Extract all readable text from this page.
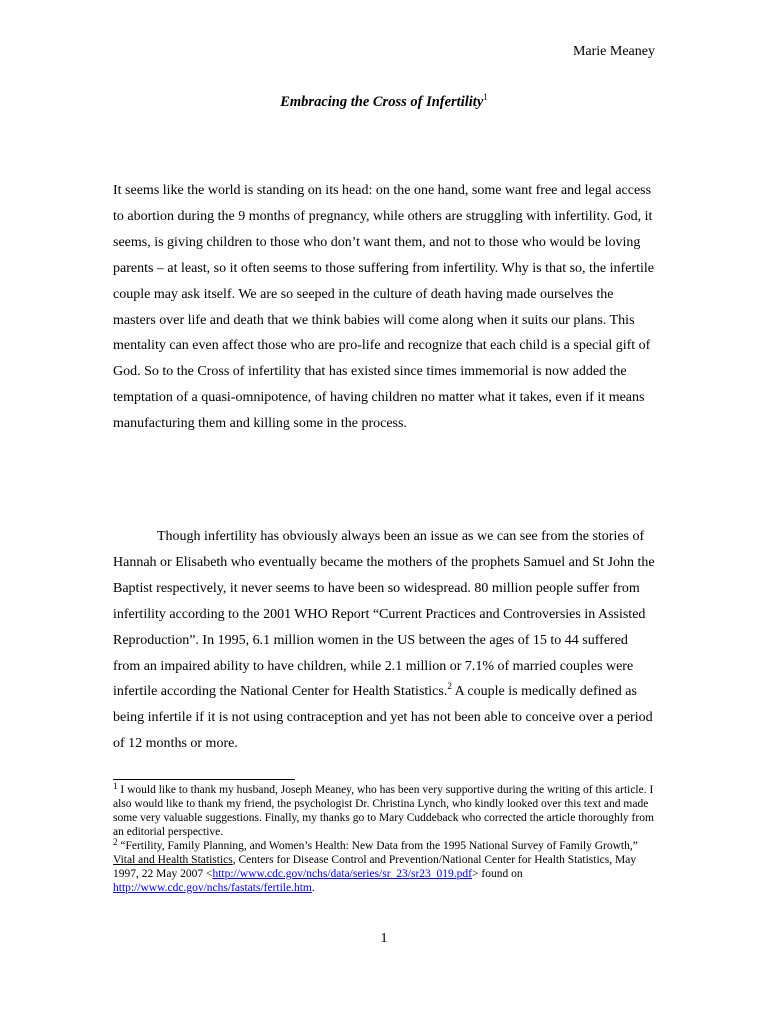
Marie Meaney
Embracing the Cross of Infertility$^1$

It seems like the world is standing on its head: on the one hand, some want free and legal access to abortion during the 9 months of pregnancy, while others are struggling with infertility. God, it seems, is giving children to those who don’t want them, and not to those who would be loving parents – at least, so it often seems to those suffering from infertility. Why is that so, the infertile couple may ask itself. We are so seeped in the culture of death having made ourselves the masters over life and death that we think babies will come along when it suits our plans. This mentality can even affect those who are pro-life and recognize that each child is a special gift of God. So to the Cross of infertility that has existed since times immemorial is now added the temptation of a quasi-omnipotence, of having children no matter what it takes, even if it means manufacturing them and killing some in the process.

Though infertility has obviously always been an issue as we can see from the stories of Hannah or Elisabeth who eventually became the mothers of the prophets Samuel and St John the Baptist respectively, it never seems to have been so widespread. 80 million people suffer from infertility according to the 2001 WHO Report “Current Practices and Controversies in Assisted Reproduction”. In 1995, 6.1 million women in the US between the ages of 15 to 44 suffered from an impaired ability to have children, while 2.1 million or 7.1% of married couples were infertile according the National Center for Health Statistics.$^2$ A couple is medically defined as being infertile if it is not using contraception and yet has not been able to conceive over a period of 12 months or more.

$^1$ I would like to thank my husband, Joseph Meaney, who has been very supportive during the writing of this article. I also would like to thank my friend, the psychologist Dr. Christina Lynch, who kindly looked over this text and made some very valuable suggestions. Finally, my thanks go to Mary Cuddeback who corrected the article thoroughly from an editorial perspective.

$^2$ “Fertility, Family Planning, and Women’s Health: New Data from the 1995 National Survey of Family Growth,” Vital and Health Statistics, Centers for Disease Control and Prevention/National Center for Health Statistics, May 1997, 22 May 2007 <http://www.cdc.gov/nchs/data/series/sr_23/sr23_019.pdf> found on http://www.cdc.gov/nchs/fastats/fertile.htm.

1
